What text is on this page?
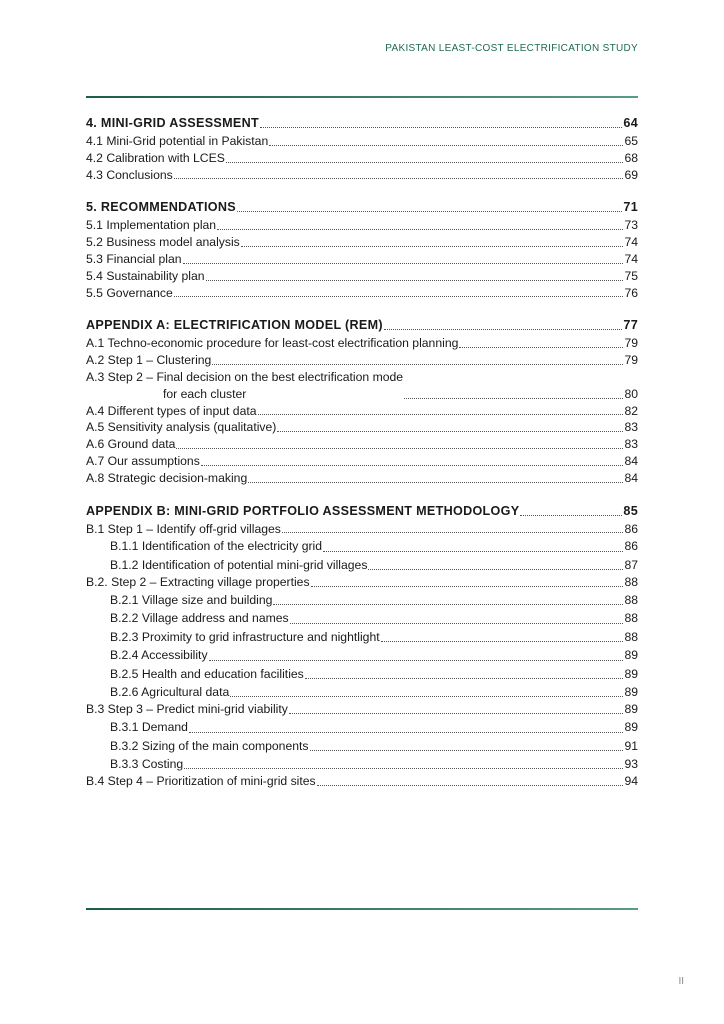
PAKISTAN LEAST-COST ELECTRIFICATION STUDY
4. MINI-GRID ASSESSMENT	64
4.1 Mini-Grid potential in Pakistan	65
4.2 Calibration with LCES	68
4.3 Conclusions	69
5. RECOMMENDATIONS	71
5.1 Implementation plan	73
5.2 Business model analysis	74
5.3 Financial plan	74
5.4 Sustainability plan	75
5.5 Governance	76
APPENDIX A: ELECTRIFICATION MODEL (REM)	77
A.1 Techno-economic procedure for least-cost electrification planning	79
A.2 Step 1 – Clustering	79
A.3 Step 2 – Final decision on the best electrification mode
for each cluster	80
A.4 Different types of input data	82
A.5 Sensitivity analysis (qualitative)	83
A.6 Ground data	83
A.7 Our assumptions	84
A.8 Strategic decision-making	84
APPENDIX B: MINI-GRID PORTFOLIO ASSESSMENT METHODOLOGY	85
B.1 Step 1 – Identify off-grid villages	86
B.1.1 Identification of the electricity grid	86
B.1.2 Identification of potential mini-grid villages	87
B.2. Step 2 – Extracting village properties	88
B.2.1 Village size and building	88
B.2.2 Village address and names	88
B.2.3 Proximity to grid infrastructure and nightlight	88
B.2.4 Accessibility	89
B.2.5 Health and education facilities	89
B.2.6 Agricultural data	89
B.3 Step 3 – Predict mini-grid viability	89
B.3.1 Demand	89
B.3.2 Sizing of the main components	91
B.3.3 Costing	93
B.4 Step 4 – Prioritization of mini-grid sites	94
II
